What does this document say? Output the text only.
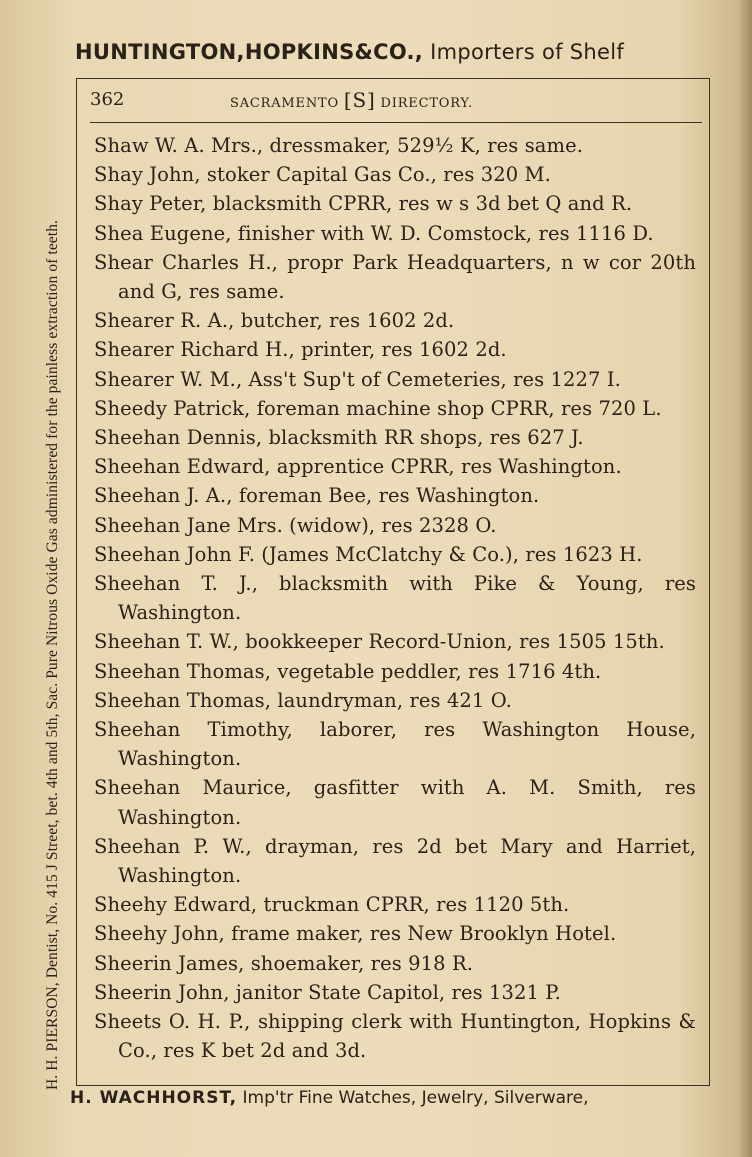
HUNTINGTON,HOPKINS&CO., Importers of Shelf
H. H. PIERSON, Dentist, No. 415 J Street, bet. 4th and 5th, Sac. Pure Nitrous Oxide Gas administered for the painless extraction of teeth.
362	SACRAMENTO [S] DIRECTORY.
Shaw W. A. Mrs., dressmaker, 529½ K, res same.
Shay John, stoker Capital Gas Co., res 320 M.
Shay Peter, blacksmith CPRR, res w s 3d bet Q and R.
Shea Eugene, finisher with W. D. Comstock, res 1116 D.
Shear Charles H., propr Park Headquarters, n w cor 20th and G, res same.
Shearer R. A., butcher, res 1602 2d.
Shearer Richard H., printer, res 1602 2d.
Shearer W. M., Ass't Sup't of Cemeteries, res 1227 I.
Sheedy Patrick, foreman machine shop CPRR, res 720 L.
Sheehan Dennis, blacksmith RR shops, res 627 J.
Sheehan Edward, apprentice CPRR, res Washington.
Sheehan J. A., foreman Bee, res Washington.
Sheehan Jane Mrs. (widow), res 2328 O.
Sheehan John F. (James McClatchy & Co.), res 1623 H.
Sheehan T. J., blacksmith with Pike & Young, res Washington.
Sheehan T. W., bookkeeper Record-Union, res 1505 15th.
Sheehan Thomas, vegetable peddler, res 1716 4th.
Sheehan Thomas, laundryman, res 421 O.
Sheehan Timothy, laborer, res Washington House, Washington.
Sheehan Maurice, gasfitter with A. M. Smith, res Washington.
Sheehan P. W., drayman, res 2d bet Mary and Harriet, Washington.
Sheehy Edward, truckman CPRR, res 1120 5th.
Sheehy John, frame maker, res New Brooklyn Hotel.
Sheerin James, shoemaker, res 918 R.
Sheerin John, janitor State Capitol, res 1321 P.
Sheets O. H. P., shipping clerk with Huntington, Hopkins & Co., res K bet 2d and 3d.
H. WACHHORST, Imp'tr Fine Watches, Jewelry, Silverware,
